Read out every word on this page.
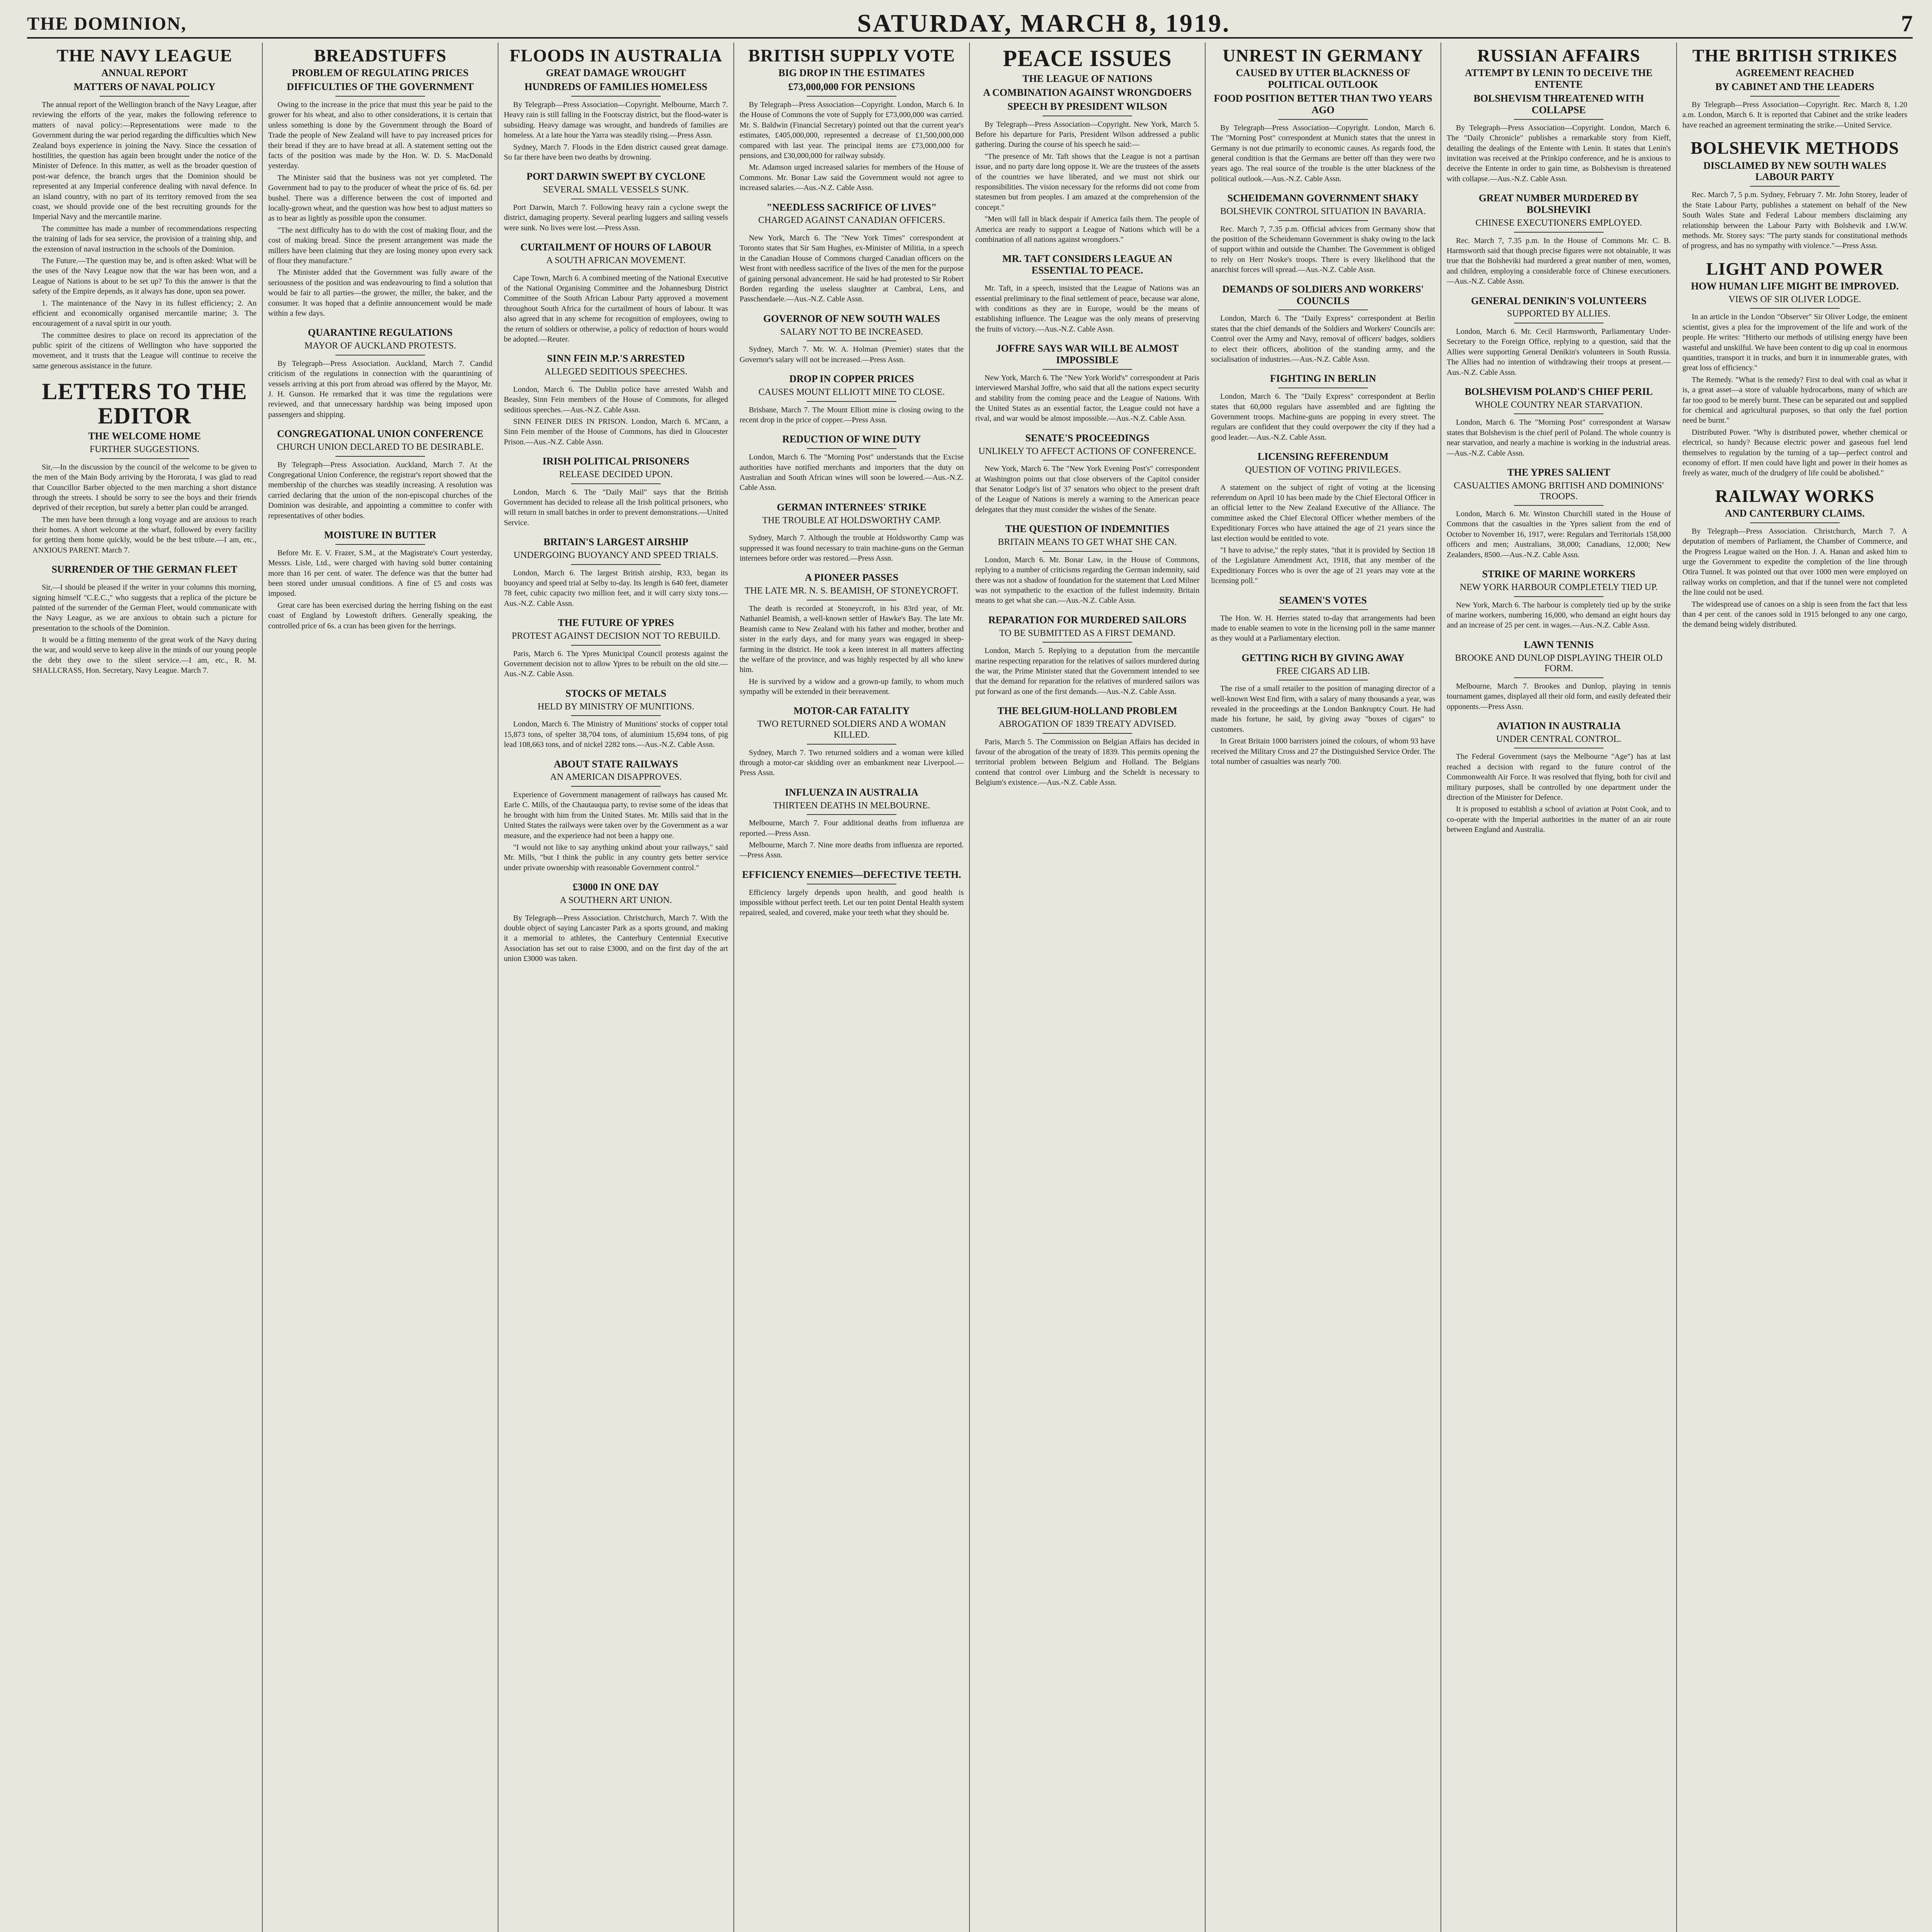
THE DOMINION,	SATURDAY, MARCH 8, 1919.	7
THE NAVY LEAGUE
ANNUAL REPORT
MATTERS OF NAVAL POLICY

The annual report of the Wellington branch of the Navy League, after reviewing the efforts of the year, makes the following reference to matters of naval policy:—Representations were made to the Government during the war period regarding the difficulties which New Zealand boys experience in joining the Navy. Since the cessation of hostilities, the question has again been brought under the notice of the Minister of Defence. In this matter, as well as the broader question of post-war defence, the branch urges that the Dominion should be represented at any Imperial conference dealing with naval defence. In an island country, with no part of its territory removed from the sea coast, we should provide one of the best recruiting grounds for the Imperial Navy and the mercantile marine.

The committee has made a number of recommendations respecting the training of lads for sea service, the provision of a training ship, and the extension of naval instruction in the schools of the Dominion.

The Future.—The question may be, and is often asked: What will be the uses of the Navy League now that the war has been won, and a League of Nations is about to be set up? To this the answer is that the safety of the Empire depends, as it always has done, upon sea power.

1. The maintenance of the Navy in its fullest efficiency; 2. An efficient and economically organised mercantile marine; 3. The encouragement of a naval spirit in our youth.

The committee desires to place on record its appreciation of the public spirit of the citizens of Wellington who have supported the movement, and it trusts that the League will continue to receive the same generous assistance in the future.

LETTERS TO THE EDITOR
THE WELCOME HOME
FURTHER SUGGESTIONS.

Sir,—In the discussion by the council of the welcome to be given to the men of the Main Body arriving by the Hororata, I was glad to read that Councillor Barber objected to the men marching a short distance through the streets. I should be sorry to see the boys and their friends deprived of their reception, but surely a better plan could be arranged.

The men have been through a long voyage and are anxious to reach their homes. A short welcome at the wharf, followed by every facility for getting them home quickly, would be the best tribute.—I am, etc., ANXIOUS PARENT. March 7.

SURRENDER OF THE GERMAN FLEET

Sir,—I should be pleased if the writer in your columns this morning, signing himself "C.E.C.," who suggests that a replica of the picture be painted of the surrender of the German Fleet, would communicate with the Navy League, as we are anxious to obtain such a picture for presentation to the schools of the Dominion.

It would be a fitting memento of the great work of the Navy during the war, and would serve to keep alive in the minds of our young people the debt they owe to the silent service.—I am, etc., R. M. SHALLCRASS, Hon. Secretary, Navy League. March 7.

BREADSTUFFS
PROBLEM OF REGULATING PRICES
DIFFICULTIES OF THE GOVERNMENT

Owing to the increase in the price that must this year be paid to the grower for his wheat, and also to other considerations, it is certain that unless something is done by the Government through the Board of Trade the people of New Zealand will have to pay increased prices for their bread if they are to have bread at all. A statement setting out the facts of the position was made by the Hon. W. D. S. MacDonald yesterday.

The Minister said that the business was not yet completed. The Government had to pay to the producer of wheat the price of 6s. 6d. per bushel. There was a difference between the cost of imported and locally-grown wheat, and the question was how best to adjust matters so as to bear as lightly as possible upon the consumer.

"The next difficulty has to do with the cost of making flour, and the cost of making bread. Since the present arrangement was made the millers have been claiming that they are losing money upon every sack of flour they manufacture."

The Minister added that the Government was fully aware of the seriousness of the position and was endeavouring to find a solution that would be fair to all parties—the grower, the miller, the baker, and the consumer. It was hoped that a definite announcement would be made within a few days.

QUARANTINE REGULATIONS
MAYOR OF AUCKLAND PROTESTS.

By Telegraph—Press Association. Auckland, March 7. Candid criticism of the regulations in connection with the quarantining of vessels arriving at this port from abroad was offered by the Mayor, Mr. J. H. Gunson. He remarked that it was time the regulations were reviewed, and that unnecessary hardship was being imposed upon passengers and shipping.

CONGREGATIONAL UNION CONFERENCE
CHURCH UNION DECLARED TO BE DESIRABLE.

By Telegraph—Press Association. Auckland, March 7. At the Congregational Union Conference, the registrar's report showed that the membership of the churches was steadily increasing. A resolution was carried declaring that the union of the non-episcopal churches of the Dominion was desirable, and appointing a committee to confer with representatives of other bodies.

MOISTURE IN BUTTER

Before Mr. E. V. Frazer, S.M., at the Magistrate's Court yesterday, Messrs. Lisle, Ltd., were charged with having sold butter containing more than 16 per cent. of water. The defence was that the butter had been stored under unusual conditions. A fine of £5 and costs was imposed.

Great care has been exercised during the herring fishing on the east coast of England by Lowestoft drifters. Generally speaking, the controlled price of 6s. a cran has been given for the herrings.

FLOODS IN AUSTRALIA
GREAT DAMAGE WROUGHT
HUNDREDS OF FAMILIES HOMELESS

By Telegraph—Press Association—Copyright. Melbourne, March 7. Heavy rain is still falling in the Footscray district, but the flood-water is subsiding. Heavy damage was wrought, and hundreds of families are homeless. At a late hour the Yarra was steadily rising.—Press Assn.

Sydney, March 7. Floods in the Eden district caused great damage. So far there have been two deaths by drowning.

PORT DARWIN SWEPT BY CYCLONE
SEVERAL SMALL VESSELS SUNK.

Port Darwin, March 7. Following heavy rain a cyclone swept the district, damaging property. Several pearling luggers and sailing vessels were sunk. No lives were lost.—Press Assn.

CURTAILMENT OF HOURS OF LABOUR
A SOUTH AFRICAN MOVEMENT.

Cape Town, March 6. A combined meeting of the National Executive of the National Organising Committee and the Johannesburg District Committee of the South African Labour Party approved a movement throughout South Africa for the curtailment of hours of labour. It was also agreed that in any scheme for recognition of employees, owing to the return of soldiers or otherwise, a policy of reduction of hours would be adopted.—Reuter.

SINN FEIN M.P.'S ARRESTED
ALLEGED SEDITIOUS SPEECHES.

London, March 6. The Dublin police have arrested Walsh and Beasley, Sinn Fein members of the House of Commons, for alleged seditious speeches.—Aus.-N.Z. Cable Assn.

SINN FEINER DIES IN PRISON. London, March 6. M'Cann, a Sinn Fein member of the House of Commons, has died in Gloucester Prison.—Aus.-N.Z. Cable Assn.

IRISH POLITICAL PRISONERS
RELEASE DECIDED UPON.

London, March 6. The "Daily Mail" says that the British Government has decided to release all the Irish political prisoners, who will return in small batches in order to prevent demonstrations.—United Service.

BRITAIN'S LARGEST AIRSHIP
UNDERGOING BUOYANCY AND SPEED TRIALS.

London, March 6. The largest British airship, R33, began its buoyancy and speed trial at Selby to-day. Its length is 640 feet, diameter 78 feet, cubic capacity two million feet, and it will carry sixty tons.—Aus.-N.Z. Cable Assn.

THE FUTURE OF YPRES
PROTEST AGAINST DECISION NOT TO REBUILD.

Paris, March 6. The Ypres Municipal Council protests against the Government decision not to allow Ypres to be rebuilt on the old site.—Aus.-N.Z. Cable Assn.

STOCKS OF METALS
HELD BY MINISTRY OF MUNITIONS.

London, March 6. The Ministry of Munitions' stocks of copper total 15,873 tons, of spelter 38,704 tons, of aluminium 15,694 tons, of pig lead 108,663 tons, and of nickel 2282 tons.—Aus.-N.Z. Cable Assn.

ABOUT STATE RAILWAYS
AN AMERICAN DISAPPROVES.

Experience of Government management of railways has caused Mr. Earle C. Mills, of the Chautauqua party, to revise some of the ideas that he brought with him from the United States. Mr. Mills said that in the United States the railways were taken over by the Government as a war measure, and the experience had not been a happy one.

"I would not like to say anything unkind about your railways," said Mr. Mills, "but I think the public in any country gets better service under private ownership with reasonable Government control."

£3000 IN ONE DAY
A SOUTHERN ART UNION.

By Telegraph—Press Association. Christchurch, March 7. With the double object of saying Lancaster Park as a sports ground, and making it a memorial to athletes, the Canterbury Centennial Executive Association has set out to raise £3000, and on the first day of the art union £3000 was taken.

BRITISH SUPPLY VOTE
BIG DROP IN THE ESTIMATES
£73,000,000 FOR PENSIONS

By Telegraph—Press Association—Copyright. London, March 6. In the House of Commons the vote of Supply for £73,000,000 was carried. Mr. S. Baldwin (Financial Secretary) pointed out that the current year's estimates, £405,000,000, represented a decrease of £1,500,000,000 compared with last year. The principal items are £73,000,000 for pensions, and £30,000,000 for railway subsidy.

Mr. Adamson urged increased salaries for members of the House of Commons. Mr. Bonar Law said the Government would not agree to increased salaries.—Aus.-N.Z. Cable Assn.

"NEEDLESS SACRIFICE OF LIVES"
CHARGED AGAINST CANADIAN OFFICERS.

New York, March 6. The "New York Times" correspondent at Toronto states that Sir Sam Hughes, ex-Minister of Militia, in a speech in the Canadian House of Commons charged Canadian officers on the West front with needless sacrifice of the lives of the men for the purpose of gaining personal advancement. He said he had protested to Sir Robert Borden regarding the useless slaughter at Cambrai, Lens, and Passchendaele.—Aus.-N.Z. Cable Assn.

GOVERNOR OF NEW SOUTH WALES
SALARY NOT TO BE INCREASED.

Sydney, March 7. Mr. W. A. Holman (Premier) states that the Governor's salary will not be increased.—Press Assn.

DROP IN COPPER PRICES
CAUSES MOUNT ELLIOTT MINE TO CLOSE.

Brisbane, March 7. The Mount Elliott mine is closing owing to the recent drop in the price of copper.—Press Assn.

REDUCTION OF WINE DUTY

London, March 6. The "Morning Post" understands that the Excise authorities have notified merchants and importers that the duty on Australian and South African wines will soon be lowered.—Aus.-N.Z. Cable Assn.

GERMAN INTERNEES' STRIKE
THE TROUBLE AT HOLDSWORTHY CAMP.

Sydney, March 7. Although the trouble at Holdsworthy Camp was suppressed it was found necessary to train machine-guns on the German internees before order was restored.—Press Assn.

A PIONEER PASSES
THE LATE MR. N. S. BEAMISH, OF STONEYCROFT.

The death is recorded at Stoneycroft, in his 83rd year, of Mr. Nathaniel Beamish, a well-known settler of Hawke's Bay. The late Mr. Beamish came to New Zealand with his father and mother, brother and sister in the early days, and for many years was engaged in sheep-farming in the district. He took a keen interest in all matters affecting the welfare of the province, and was highly respected by all who knew him.

He is survived by a widow and a grown-up family, to whom much sympathy will be extended in their bereavement.

MOTOR-CAR FATALITY
TWO RETURNED SOLDIERS AND A WOMAN KILLED.

Sydney, March 7. Two returned soldiers and a woman were killed through a motor-car skidding over an embankment near Liverpool.—Press Assn.

INFLUENZA IN AUSTRALIA
THIRTEEN DEATHS IN MELBOURNE.

Melbourne, March 7. Four additional deaths from influenza are reported.—Press Assn.

Melbourne, March 7. Nine more deaths from influenza are reported.—Press Assn.

EFFICIENCY ENEMIES—DEFECTIVE TEETH.

Efficiency largely depends upon health, and good health is impossible without perfect teeth. Let our ten point Dental Health system repaired, sealed, and covered, make your teeth what they should be.

PEACE ISSUES
THE LEAGUE OF NATIONS
A COMBINATION AGAINST WRONGDOERS
SPEECH BY PRESIDENT WILSON

By Telegraph—Press Association—Copyright. New York, March 5. Before his departure for Paris, President Wilson addressed a public gathering. During the course of his speech he said:—

"The presence of Mr. Taft shows that the League is not a partisan issue, and no party dare long oppose it. We are the trustees of the assets of the countries we have liberated, and we must not shirk our responsibilities. The vision necessary for the reforms did not come from statesmen but from peoples. I am amazed at the comprehension of the concept."

"Men will fall in black despair if America fails them. The people of America are ready to support a League of Nations which will be a combination of all nations against wrongdoers."

MR. TAFT CONSIDERS LEAGUE AN ESSENTIAL TO PEACE.

Mr. Taft, in a speech, insisted that the League of Nations was an essential preliminary to the final settlement of peace, because war alone, with conditions as they are in Europe, would be the means of establishing influence. The League was the only means of preserving the fruits of victory.—Aus.-N.Z. Cable Assn.

JOFFRE SAYS WAR WILL BE ALMOST IMPOSSIBLE

New York, March 6. The "New York World's" correspondent at Paris interviewed Marshal Joffre, who said that all the nations expect security and stability from the coming peace and the League of Nations. With the United States as an essential factor, the League could not have a rival, and war would be almost impossible.—Aus.-N.Z. Cable Assn.

SENATE'S PROCEEDINGS
UNLIKELY TO AFFECT ACTIONS OF CONFERENCE.

New York, March 6. The "New York Evening Post's" correspondent at Washington points out that close observers of the Capitol consider that Senator Lodge's list of 37 senators who object to the present draft of the League of Nations is merely a warning to the American peace delegates that they must consider the wishes of the Senate.

THE QUESTION OF INDEMNITIES
BRITAIN MEANS TO GET WHAT SHE CAN.

London, March 6. Mr. Bonar Law, in the House of Commons, replying to a number of criticisms regarding the German indemnity, said there was not a shadow of foundation for the statement that Lord Milner was not sympathetic to the exaction of the fullest indemnity. Britain means to get what she can.—Aus.-N.Z. Cable Assn.

REPARATION FOR MURDERED SAILORS
TO BE SUBMITTED AS A FIRST DEMAND.

London, March 5. Replying to a deputation from the mercantile marine respecting reparation for the relatives of sailors murdered during the war, the Prime Minister stated that the Government intended to see that the demand for reparation for the relatives of murdered sailors was put forward as one of the first demands.—Aus.-N.Z. Cable Assn.

THE BELGIUM-HOLLAND PROBLEM
ABROGATION OF 1839 TREATY ADVISED.

Paris, March 5. The Commission on Belgian Affairs has decided in favour of the abrogation of the treaty of 1839. This permits opening the territorial problem between Belgium and Holland. The Belgians contend that control over Limburg and the Scheldt is necessary to Belgium's existence.—Aus.-N.Z. Cable Assn.

UNREST IN GERMANY
CAUSED BY UTTER BLACKNESS OF POLITICAL OUTLOOK
FOOD POSITION BETTER THAN TWO YEARS AGO

By Telegraph—Press Association—Copyright. London, March 6. The "Morning Post" correspondent at Munich states that the unrest in Germany is not due primarily to economic causes. As regards food, the general condition is that the Germans are better off than they were two years ago. The real source of the trouble is the utter blackness of the political outlook.—Aus.-N.Z. Cable Assn.

SCHEIDEMANN GOVERNMENT SHAKY
BOLSHEVIK CONTROL SITUATION IN BAVARIA.

Rec. March 7, 7.35 p.m. Official advices from Germany show that the position of the Scheidemann Government is shaky owing to the lack of support within and outside the Chamber. The Government is obliged to rely on Herr Noske's troops. There is every likelihood that the anarchist forces will spread.—Aus.-N.Z. Cable Assn.

DEMANDS OF SOLDIERS AND WORKERS' COUNCILS

London, March 6. The "Daily Express" correspondent at Berlin states that the chief demands of the Soldiers and Workers' Councils are: Control over the Army and Navy, removal of officers' badges, soldiers to elect their officers, abolition of the standing army, and the socialisation of industries.—Aus.-N.Z. Cable Assn.

FIGHTING IN BERLIN

London, March 6. The "Daily Express" correspondent at Berlin states that 60,000 regulars have assembled and are fighting the Government troops. Machine-guns are popping in every street. The regulars are confident that they could overpower the city if they had a good leader.—Aus.-N.Z. Cable Assn.

LICENSING REFERENDUM
QUESTION OF VOTING PRIVILEGES.

A statement on the subject of right of voting at the licensing referendum on April 10 has been made by the Chief Electoral Officer in an official letter to the New Zealand Executive of the Alliance. The committee asked the Chief Electoral Officer whether members of the Expeditionary Forces who have attained the age of 21 years since the last election would be entitled to vote.

"I have to advise," the reply states, "that it is provided by Section 18 of the Legislature Amendment Act, 1918, that any member of the Expeditionary Forces who is over the age of 21 years may vote at the licensing poll."

SEAMEN'S VOTES

The Hon. W. H. Herries stated to-day that arrangements had been made to enable seamen to vote in the licensing poll in the same manner as they would at a Parliamentary election.

GETTING RICH BY GIVING AWAY
FREE CIGARS AD LIB.

The rise of a small retailer to the position of managing director of a well-known West End firm, with a salary of many thousands a year, was revealed in the proceedings at the London Bankruptcy Court. He had made his fortune, he said, by giving away "boxes of cigars" to customers.

In Great Britain 1000 barristers joined the colours, of whom 93 have received the Military Cross and 27 the Distinguished Service Order. The total number of casualties was nearly 700.

RUSSIAN AFFAIRS
ATTEMPT BY LENIN TO DECEIVE THE ENTENTE
BOLSHEVISM THREATENED WITH COLLAPSE

By Telegraph—Press Association—Copyright. London, March 6. The "Daily Chronicle" publishes a remarkable story from Kieff, detailing the dealings of the Entente with Lenin. It states that Lenin's invitation was received at the Prinkipo conference, and he is anxious to deceive the Entente in order to gain time, as Bolshevism is threatened with collapse.—Aus.-N.Z. Cable Assn.

GREAT NUMBER MURDERED BY BOLSHEVIKI
CHINESE EXECUTIONERS EMPLOYED.

Rec. March 7, 7.35 p.m. In the House of Commons Mr. C. B. Harmsworth said that though precise figures were not obtainable, it was true that the Bolsheviki had murdered a great number of men, women, and children, employing a considerable force of Chinese executioners.—Aus.-N.Z. Cable Assn.

GENERAL DENIKIN'S VOLUNTEERS
SUPPORTED BY ALLIES.

London, March 6. Mr. Cecil Harmsworth, Parliamentary Under-Secretary to the Foreign Office, replying to a question, said that the Allies were supporting General Denikin's volunteers in South Russia. The Allies had no intention of withdrawing their troops at present.—Aus.-N.Z. Cable Assn.

BOLSHEVISM POLAND'S CHIEF PERIL
WHOLE COUNTRY NEAR STARVATION.

London, March 6. The "Morning Post" correspondent at Warsaw states that Bolshevism is the chief peril of Poland. The whole country is near starvation, and nearly a machine is working in the industrial areas.—Aus.-N.Z. Cable Assn.

THE YPRES SALIENT
CASUALTIES AMONG BRITISH AND DOMINIONS' TROOPS.

London, March 6. Mr. Winston Churchill stated in the House of Commons that the casualties in the Ypres salient from the end of October to November 16, 1917, were: Regulars and Territorials 158,000 officers and men; Australians, 38,000; Canadians, 12,000; New Zealanders, 8500.—Aus.-N.Z. Cable Assn.

STRIKE OF MARINE WORKERS
NEW YORK HARBOUR COMPLETELY TIED UP.

New York, March 6. The harbour is completely tied up by the strike of marine workers, numbering 16,000, who demand an eight hours day and an increase of 25 per cent. in wages.—Aus.-N.Z. Cable Assn.

LAWN TENNIS
BROOKE AND DUNLOP DISPLAYING THEIR OLD FORM.

Melbourne, March 7. Brookes and Dunlop, playing in tennis tournament games, displayed all their old form, and easily defeated their opponents.—Press Assn.

AVIATION IN AUSTRALIA
UNDER CENTRAL CONTROL.

The Federal Government (says the Melbourne "Age") has at last reached a decision with regard to the future control of the Commonwealth Air Force. It was resolved that flying, both for civil and military purposes, shall be controlled by one department under the direction of the Minister for Defence.

It is proposed to establish a school of aviation at Point Cook, and to co-operate with the Imperial authorities in the matter of an air route between England and Australia.

THE BRITISH STRIKES
AGREEMENT REACHED
BY CABINET AND THE LEADERS

By Telegraph—Press Association—Copyright. Rec. March 8, 1.20 a.m. London, March 6. It is reported that Cabinet and the strike leaders have reached an agreement terminating the strike.—United Service.

BOLSHEVIK METHODS
DISCLAIMED BY NEW SOUTH WALES LABOUR PARTY

Rec. March 7, 5 p.m. Sydney, February 7. Mr. John Storey, leader of the State Labour Party, publishes a statement on behalf of the New South Wales State and Federal Labour members disclaiming any relationship between the Labour Party with Bolshevik and I.W.W. methods. Mr. Storey says: "The party stands for constitutional methods of progress, and has no sympathy with violence."—Press Assn.

LIGHT AND POWER
HOW HUMAN LIFE MIGHT BE IMPROVED.
VIEWS OF SIR OLIVER LODGE.

In an article in the London "Observer" Sir Oliver Lodge, the eminent scientist, gives a plea for the improvement of the life and work of the people. He writes: "Hitherto our methods of utilising energy have been wasteful and unskilful. We have been content to dig up coal in enormous quantities, transport it in trucks, and burn it in innumerable grates, with great loss of efficiency."

The Remedy. "What is the remedy? First to deal with coal as what it is, a great asset—a store of valuable hydrocarbons, many of which are far too good to be merely burnt. These can be separated out and supplied for chemical and agricultural purposes, so that only the fuel portion need be burnt."

Distributed Power. "Why is distributed power, whether chemical or electrical, so handy? Because electric power and gaseous fuel lend themselves to regulation by the turning of a tap—perfect control and economy of effort. If men could have light and power in their homes as freely as water, much of the drudgery of life could be abolished."

RAILWAY WORKS
AND CANTERBURY CLAIMS.

By Telegraph—Press Association. Christchurch, March 7. A deputation of members of Parliament, the Chamber of Commerce, and the Progress League waited on the Hon. J. A. Hanan and asked him to urge the Government to expedite the completion of the line through Otira Tunnel. It was pointed out that over 1000 men were employed on railway works on completion, and that if the tunnel were not completed the line could not be used.

The widespread use of canoes on a ship is seen from the fact that less than 4 per cent. of the canoes sold in 1915 belonged to any one cargo, the demand being widely distributed.
